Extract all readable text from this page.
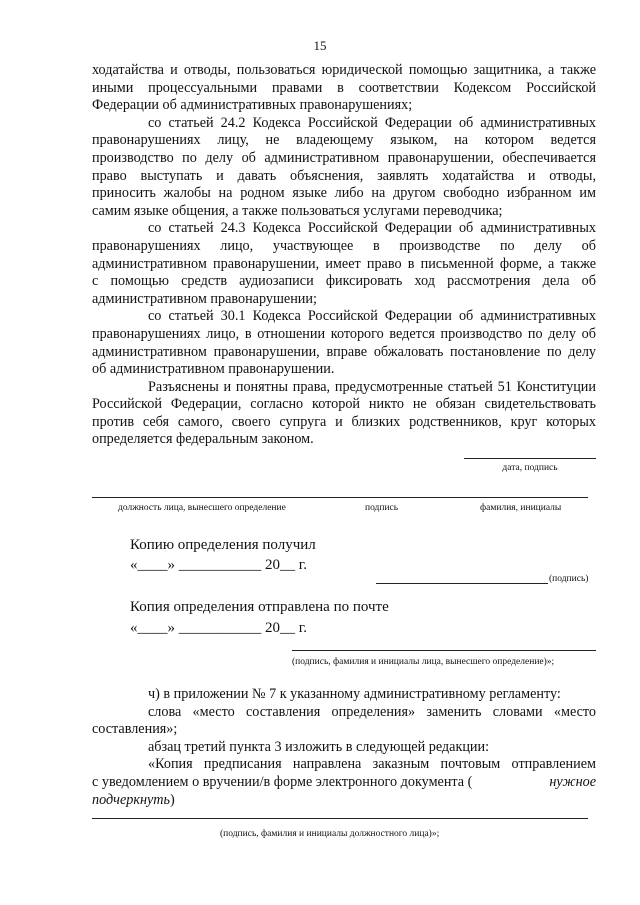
15
ходатайства и отводы, пользоваться юридической помощью защитника, а также
иными процессуальными правами в соответствии Кодексом Российской
Федерации об административных правонарушениях;
со статьей 24.2 Кодекса Российской Федерации об административных
правонарушениях лицу, не владеющему языком, на котором ведется
производство по делу об административном правонарушении, обеспечивается
право выступать и давать объяснения, заявлять ходатайства и отводы,
приносить жалобы на родном языке либо на другом свободно избранном им
самим языке общения, а также пользоваться услугами переводчика;
со статьей 24.3 Кодекса Российской Федерации об административных
правонарушениях лицо, участвующее в производстве по делу об
административном правонарушении, имеет право в письменной форме, а также
с помощью средств аудиозаписи фиксировать ход рассмотрения дела об
административном правонарушении;
со статьей 30.1 Кодекса Российской Федерации об административных
правонарушениях лицо, в отношении которого ведется производство по делу об
административном правонарушении, вправе обжаловать постановление по делу
об административном правонарушении.
Разъяснены и понятны права, предусмотренные статьей 51 Конституции
Российской Федерации, согласно которой никто не обязан свидетельствовать
против себя самого, своего супруга и близких родственников, круг которых
определяется федеральным законом.
дата, подпись
должность лица, вынесшего определение	подпись	фамилия, инициалы
Копию определения получил
«____» ___________ 20__ г.
(подпись)
Копия определения отправлена по почте
«____» ___________ 20__ г.
(подпись, фамилия и инициалы лица, вынесшего определение)»;
ч) в приложении № 7 к указанному административному регламенту:
слова «место составления определения» заменить словами «место
составления»;
абзац третий пункта 3 изложить в следующей редакции:
«Копия предписания направлена заказным почтовым отправлением
с уведомлением о вручении/в форме электронного документа (	нужное
подчеркнуть)
(подпись, фамилия и инициалы должностного лица)»;
